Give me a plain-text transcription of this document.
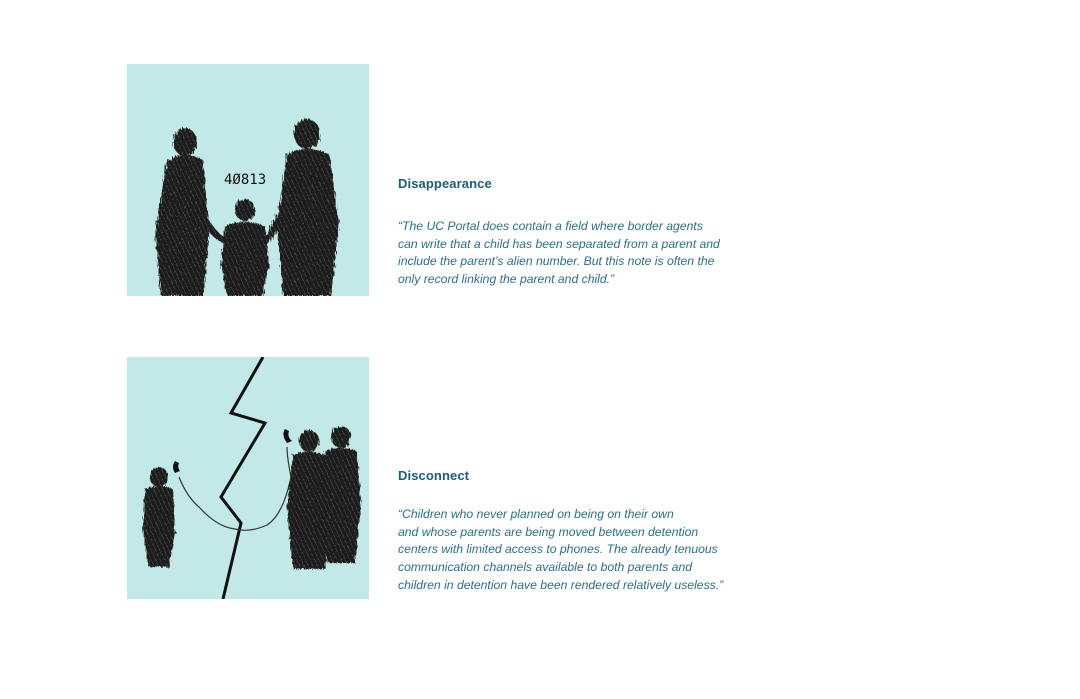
4Ø813	Disappearance

“The UC Portal does contain a field where border agents
can write that a child has been separated from a parent and
include the parent’s alien number. But this note is often the
only record linking the parent and child.”

Disconnect

“Children who never planned on being on their own
and whose parents are being moved between detention
centers with limited access to phones. The already tenuous
communication channels available to both parents and
children in detention have been rendered relatively useless.”
